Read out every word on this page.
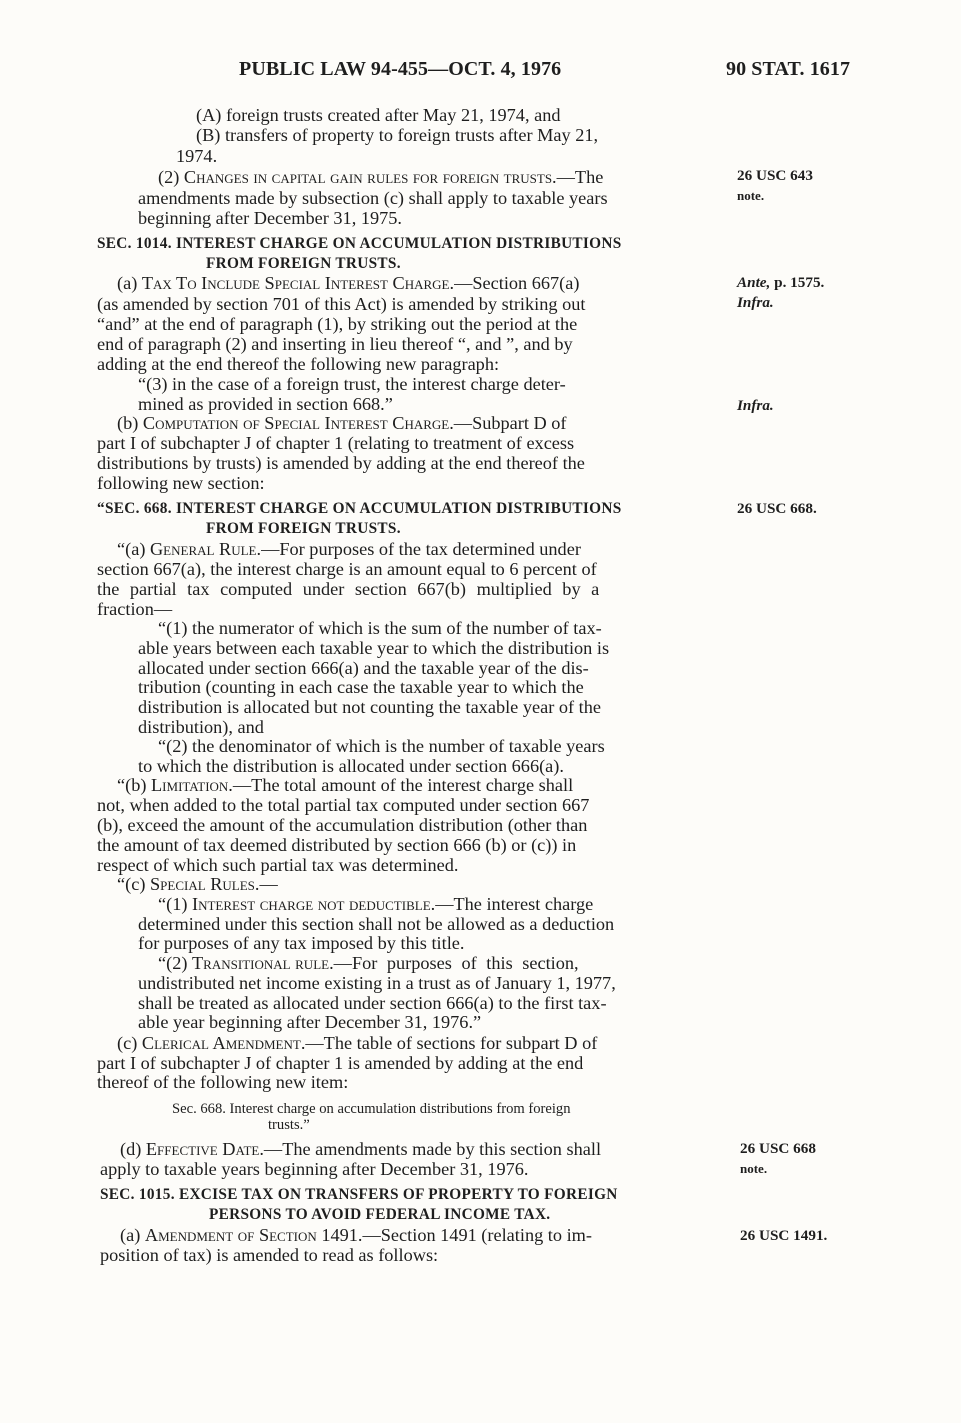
PUBLIC LAW 94-455—OCT. 4, 1976	90 STAT. 1617
26 USC 643
note.
Ante, p. 1575.
Infra.
Infra.
26 USC 668.
26 USC 668
note.
26 USC 1491.
(A) foreign trusts created after May 21, 1974, and
(B) transfers of property to foreign trusts after May 21,
1974.
(2) Changes in capital gain rules for foreign trusts.—The
amendments made by subsection (c) shall apply to taxable years
beginning after December 31, 1975.
SEC. 1014. INTEREST CHARGE ON ACCUMULATION DISTRIBUTIONS
FROM FOREIGN TRUSTS.
(a) Tax To Include Special Interest Charge.—Section 667(a)
(as amended by section 701 of this Act) is amended by striking out
“and” at the end of paragraph (1), by striking out the period at the
end of paragraph (2) and inserting in lieu thereof “, and ”, and by
adding at the end thereof the following new paragraph:
“(3) in the case of a foreign trust, the interest charge deter-
mined as provided in section 668.”
(b) Computation of Special Interest Charge.—Subpart D of
part I of subchapter J of chapter 1 (relating to treatment of excess
distributions by trusts) is amended by adding at the end thereof the
following new section:
“SEC. 668. INTEREST CHARGE ON ACCUMULATION DISTRIBUTIONS
FROM FOREIGN TRUSTS.
“(a) General Rule.—For purposes of the tax determined under
section 667(a), the interest charge is an amount equal to 6 percent of
the partial tax computed under section 667(b) multiplied by a
fraction—
“(1) the numerator of which is the sum of the number of tax-
able years between each taxable year to which the distribution is
allocated under section 666(a) and the taxable year of the dis-
tribution (counting in each case the taxable year to which the
distribution is allocated but not counting the taxable year of the
distribution), and
“(2) the denominator of which is the number of taxable years
to which the distribution is allocated under section 666(a).
“(b) Limitation.—The total amount of the interest charge shall
not, when added to the total partial tax computed under section 667
(b), exceed the amount of the accumulation distribution (other than
the amount of tax deemed distributed by section 666 (b) or (c)) in
respect of which such partial tax was determined.
“(c) Special Rules.—
“(1) Interest charge not deductible.—The interest charge
determined under this section shall not be allowed as a deduction
for purposes of any tax imposed by this title.
“(2) Transitional rule.—For purposes of this section,
undistributed net income existing in a trust as of January 1, 1977,
shall be treated as allocated under section 666(a) to the first tax-
able year beginning after December 31, 1976.”
(c) Clerical Amendment.—The table of sections for subpart D of
part I of subchapter J of chapter 1 is amended by adding at the end
thereof of the following new item:
Sec. 668. Interest charge on accumulation distributions from foreign
trusts.”
(d) Effective Date.—The amendments made by this section shall
apply to taxable years beginning after December 31, 1976.
SEC. 1015. EXCISE TAX ON TRANSFERS OF PROPERTY TO FOREIGN
PERSONS TO AVOID FEDERAL INCOME TAX.
(a) Amendment of Section 1491.—Section 1491 (relating to im-
position of tax) is amended to read as follows:
